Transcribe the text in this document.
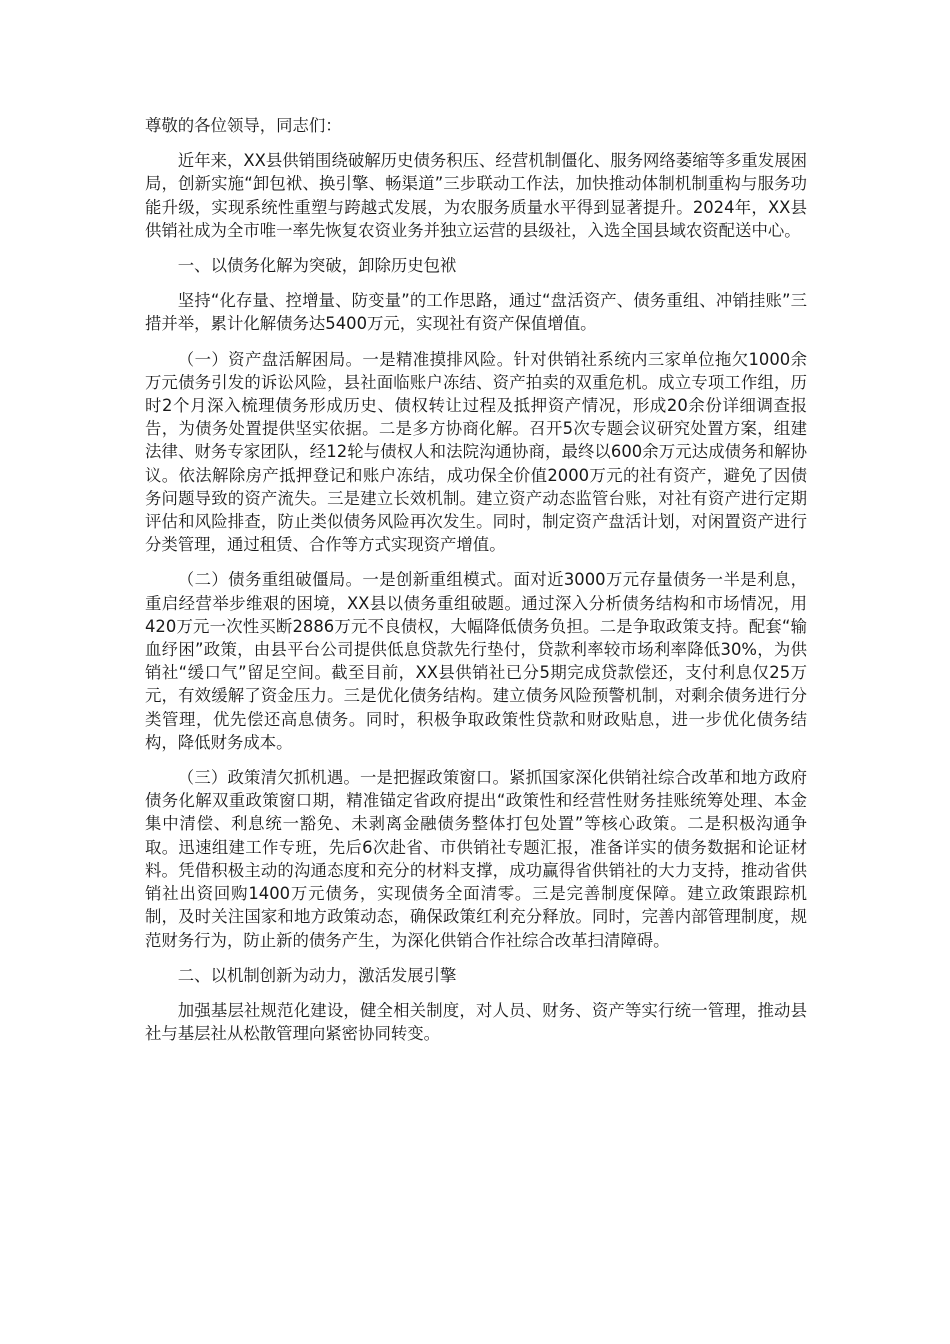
尊敬的各位领导，同志们：

近年来，XX县供销围绕破解历史债务积压、经营机制僵化、服务网络萎缩等多重发展困局，创新实施“卸包袱、换引擎、畅渠道”三步联动工作法，加快推动体制机制重构与服务功能升级，实现系统性重塑与跨越式发展，为农服务质量水平得到显著提升。2024年，XX县供销社成为全市唯一率先恢复农资业务并独立运营的县级社，入选全国县域农资配送中心。

一、以债务化解为突破，卸除历史包袱

坚持“化存量、控增量、防变量”的工作思路，通过“盘活资产、债务重组、冲销挂账”三措并举，累计化解债务达5400万元，实现社有资产保值增值。

（一）资产盘活解困局。一是精准摸排风险。针对供销社系统内三家单位拖欠1000余万元债务引发的诉讼风险，县社面临账户冻结、资产拍卖的双重危机。成立专项工作组，历时2个月深入梳理债务形成历史、债权转让过程及抵押资产情况，形成20余份详细调查报告，为债务处置提供坚实依据。二是多方协商化解。召开5次专题会议研究处置方案，组建法律、财务专家团队，经12轮与债权人和法院沟通协商，最终以600余万元达成债务和解协议。依法解除房产抵押登记和账户冻结，成功保全价值2000万元的社有资产，避免了因债务问题导致的资产流失。三是建立长效机制。建立资产动态监管台账，对社有资产进行定期评估和风险排查，防止类似债务风险再次发生。同时，制定资产盘活计划，对闲置资产进行分类管理，通过租赁、合作等方式实现资产增值。

（二）债务重组破僵局。一是创新重组模式。面对近3000万元存量债务一半是利息，重启经营举步维艰的困境，XX县以债务重组破题。通过深入分析债务结构和市场情况，用420万元一次性买断2886万元不良债权，大幅降低债务负担。二是争取政策支持。配套“输血纾困”政策，由县平台公司提供低息贷款先行垫付，贷款利率较市场利率降低30%，为供销社“缓口气”留足空间。截至目前，XX县供销社已分5期完成贷款偿还，支付利息仅25万元，有效缓解了资金压力。三是优化债务结构。建立债务风险预警机制，对剩余债务进行分类管理，优先偿还高息债务。同时，积极争取政策性贷款和财政贴息，进一步优化债务结构，降低财务成本。

（三）政策清欠抓机遇。一是把握政策窗口。紧抓国家深化供销社综合改革和地方政府债务化解双重政策窗口期，精准锚定省政府提出“政策性和经营性财务挂账统筹处理、本金集中清偿、利息统一豁免、未剥离金融债务整体打包处置”等核心政策。二是积极沟通争取。迅速组建工作专班，先后6次赴省、市供销社专题汇报，准备详实的债务数据和论证材料。凭借积极主动的沟通态度和充分的材料支撑，成功赢得省供销社的大力支持，推动省供销社出资回购1400万元债务，实现债务全面清零。三是完善制度保障。建立政策跟踪机制，及时关注国家和地方政策动态，确保政策红利充分释放。同时，完善内部管理制度，规范财务行为，防止新的债务产生，为深化供销合作社综合改革扫清障碍。

二、以机制创新为动力，激活发展引擎

加强基层社规范化建设，健全相关制度，对人员、财务、资产等实行统一管理，推动县社与基层社从松散管理向紧密协同转变。
